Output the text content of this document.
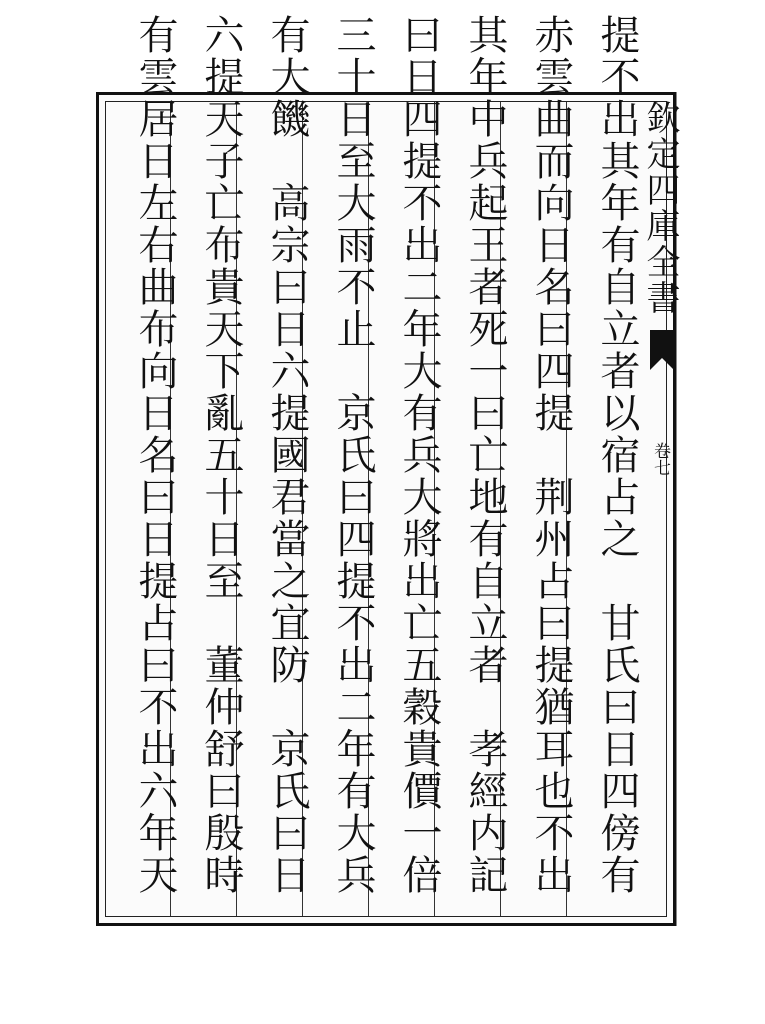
提不出其年有自立者以宿占之　甘氏曰日四傍有
赤雲曲而向日名曰四提　荆州占曰提猶耳也不出
其年中兵起王者死一曰亡地有自立者　孝經内記
曰日四提不出二年大有兵大將出亡五穀貴價一倍
三十日至大雨不止　京氏曰四提不出二年有大兵
有大饑　高宗曰日六提國君當之宜防　京氏曰日
六提天子亡布貴天下亂五十日至　董仲舒曰殷時
有雲居日左右曲布向日名曰日提占曰不出六年天	欽定四庫全書
卷七
